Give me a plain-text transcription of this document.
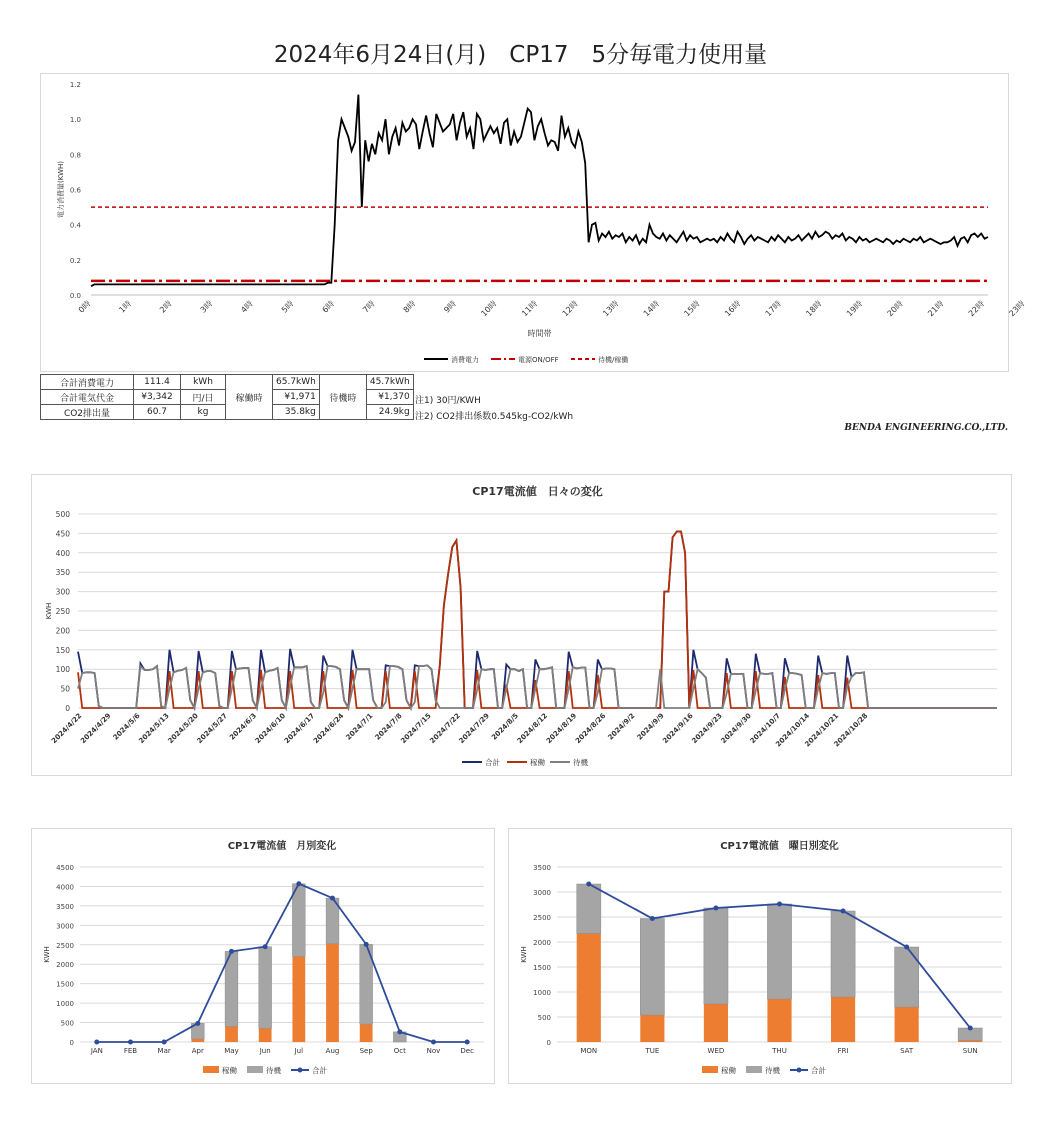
2024年6月24日(月)　CP17　5分毎電力使用量
0.0
0.2
0.4
0.6
0.8
1.0
1.2
0時	1時	2時	3時	4時	5時	6時	7時	8時	9時	10時	11時	12時	13時	14時	15時	16時	17時	18時	19時	20時	21時	22時	23時
時間帯
電力消費量(KWH)
消費電力	電源ON/OFF	待機/稼働
合計消費電力	111.4	kWh	稼働時	65.7kWh	待機時	45.7kWh
合計電気代金	¥3,342	円/日		¥1,971		¥1,370
CO2排出量	60.7	kg		35.8kg		24.9kg
注1) 30円/KWH
注2) CO2排出係数0.545kg-CO2/kWh
BENDA ENGINEERING.CO.,LTD.
CP17電流値　日々の変化
0
50
100
150
200
250
300
350
400
450
500
KWH
2024/4/22
2024/4/29 2024/5/6
2024/5/13
2024/5/20
2024/5/27 2024/6/3
2024/6/10
2024/6/17
2024/6/24 2024/7/1 2024/7/8
2024/7/15
2024/7/22
2024/7/29 2024/8/5
2024/8/12
2024/8/19
2024/8/26 2024/9/2 2024/9/9
2024/9/16
2024/9/23
2024/9/30
2024/10/7
2024/10/14
2024/10/21
2024/10/28
合計	稼働	待機
CP17電流値　月別変化
0
500
1000
1500
2000
2500
3000
3500
4000
4500
KWH
JAN	FEB	Mar	Apr	May	Jun	Jul	Aug	Sep	Oct	Nov	Dec
稼働	待機	合計
CP17電流値　曜日別変化
0
500
1000
1500
2000
2500
3000
3500
KWH
MON	TUE	WED	THU	FRI	SAT	SUN
稼働	待機	合計
